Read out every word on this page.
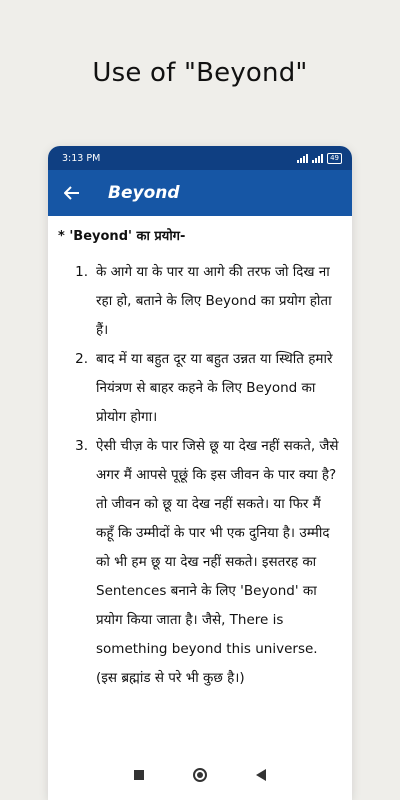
Use of "Beyond"
3:13 PM	49
Beyond
* 'Beyond' का प्रयोग-
1. के आगे या के पार या आगे की तरफ जो दिख ना रहा हो, बताने के लिए Beyond का प्रयोग होता हैं।
2. बाद में या बहुत दूर या बहुत उन्नत या स्थिति हमारे नियंत्रण से बाहर कहने के लिए Beyond का प्रोयोग होगा।
3. ऐसी चीज़ के पार जिसे छू या देख नहीं सकते, जैसे अगर मैं आपसे पूछूं कि इस जीवन के पार क्या है? तो जीवन को छू या देख नहीं सकते। या फिर मैं कहूँ कि उम्मीदों के पार भी एक दुनिया है। उम्मीद को भी हम छू या देख नहीं सकते। इसतरह का Sentences बनाने के लिए 'Beyond' का प्रयोग किया जाता है। जैसे, There is something beyond this universe. (इस ब्रह्मांड से परे भी कुछ है।)
